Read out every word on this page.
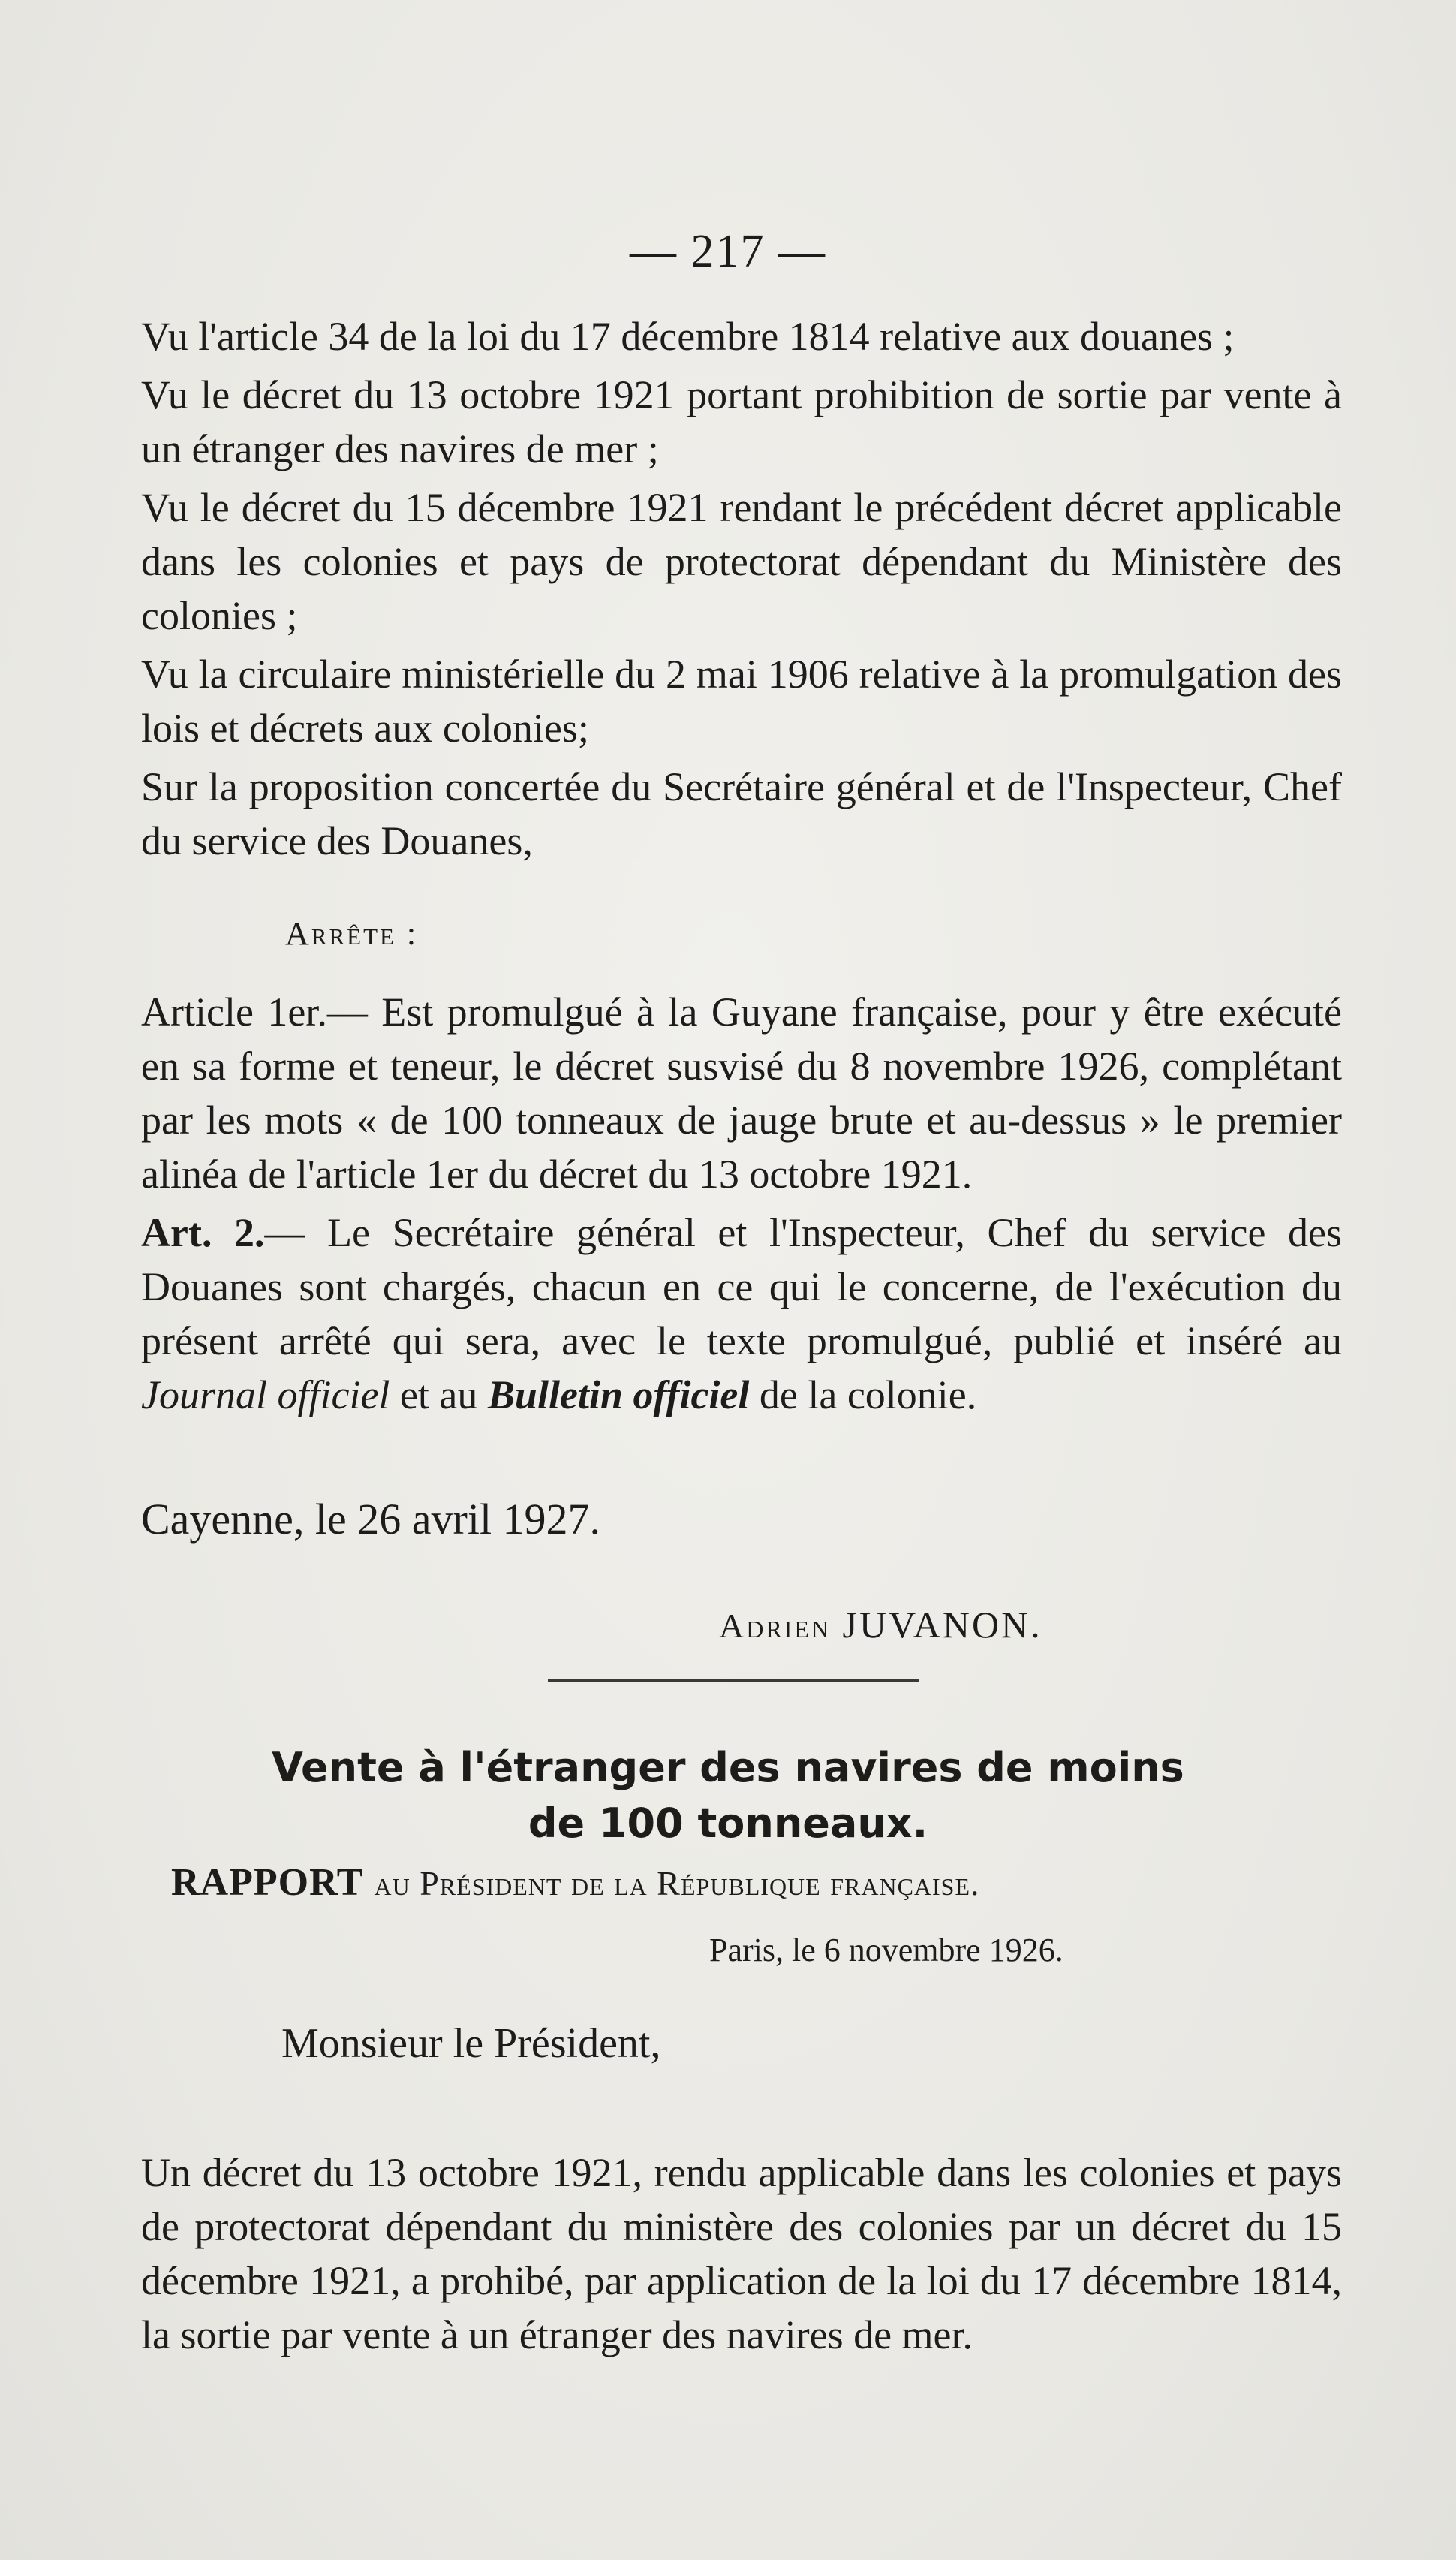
— 217 —

Vu l'article 34 de la loi du 17 décembre 1814 relative aux douanes ;

Vu le décret du 13 octobre 1921 portant prohibition de sortie par vente à un étranger des navires de mer ;

Vu le décret du 15 décembre 1921 rendant le précédent décret applicable dans les colonies et pays de protectorat dépendant du Ministère des colonies ;

Vu la circulaire ministérielle du 2 mai 1906 relative à la promulgation des lois et décrets aux colonies;

Sur la proposition concertée du Secrétaire général et de l'Inspecteur, Chef du service des Douanes,

Arrête :

Article 1er.— Est promulgué à la Guyane française, pour y être exécuté en sa forme et teneur, le décret susvisé du 8 novembre 1926, complétant par les mots « de 100 tonneaux de jauge brute et au-dessus » le premier alinéa de l'article 1er du décret du 13 octobre 1921.

Art. 2.— Le Secrétaire général et l'Inspecteur, Chef du service des Douanes sont chargés, chacun en ce qui le concerne, de l'exécution du présent arrêté qui sera, avec le texte promulgué, publié et inséré au Journal officiel et au Bulletin officiel de la colonie.

Cayenne, le 26 avril 1927.
Adrien JUVANON.
Vente à l'étranger des navires de moins
de 100 tonneaux.
RAPPORT au Président de la République française.
Paris, le 6 novembre 1926.
Monsieur le Président,

Un décret du 13 octobre 1921, rendu applicable dans les colonies et pays de protectorat dépendant du ministère des colonies par un décret du 15 décembre 1921, a prohibé, par application de la loi du 17 décembre 1814, la sortie par vente à un étranger des navires de mer.
